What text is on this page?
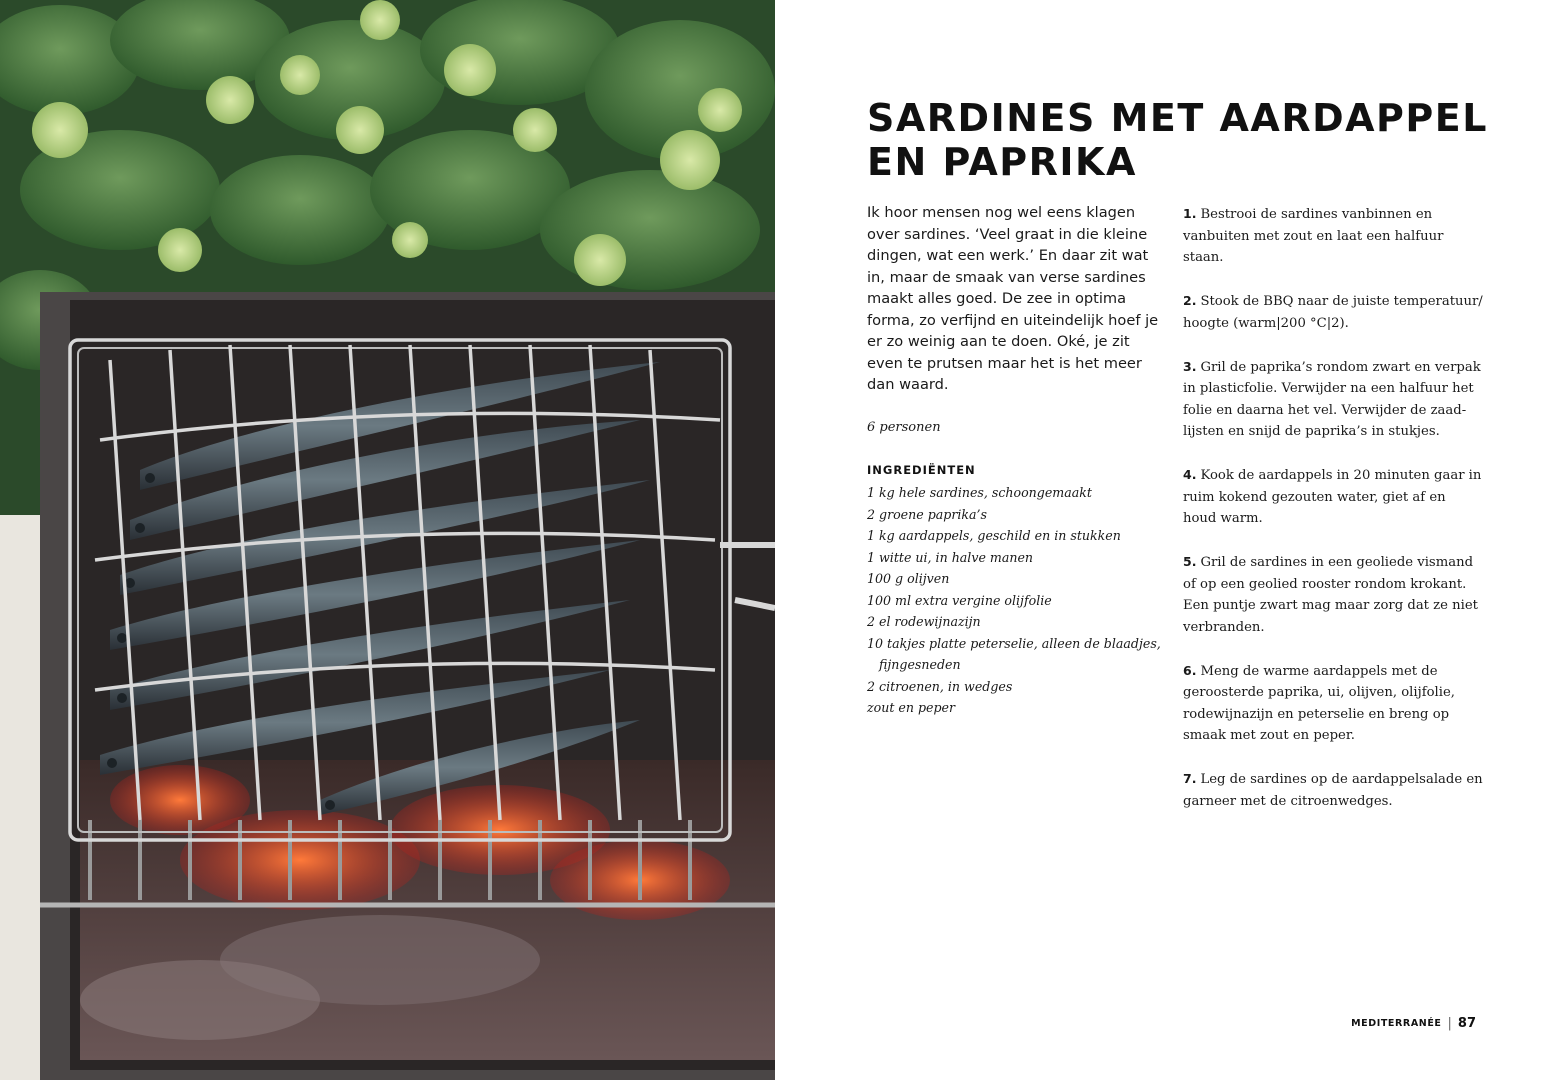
SARDINES MET AARDAPPEL
EN PAPRIKA

Ik hoor mensen nog wel eens klagen over sardines. ‘Veel graat in die kleine dingen, wat een werk.’ En daar zit wat in, maar de smaak van verse sardines maakt alles goed. De zee in optima forma, zo verfijnd en uiteindelijk hoef je er zo weinig aan te doen. Oké, je zit even te prutsen maar het is het meer dan waard.

6 personen

INGREDIËNTEN

1 kg hele sardines, schoongemaakt
2 groene paprika’s
1 kg aardappels, geschild en in stukken
1 witte ui, in halve manen
100 g olijven
100 ml extra vergine olijfolie
2 el rodewijnazijn
10 takjes platte peterselie, alleen de blaadjes, fijngesneden
2 citroenen, in wedges
zout en peper
1. Bestrooi de sardines vanbinnen en vanbuiten met zout en laat een halfuur staan.
2. Stook de BBQ naar de juiste temperatuur/ hoogte (warm|200 °C|2).
3. Gril de paprika’s rondom zwart en verpak in plasticfolie. Verwijder na een halfuur het folie en daarna het vel. Verwijder de zaad-lijsten en snijd de paprika’s in stukjes.
4. Kook de aardappels in 20 minuten gaar in ruim kokend gezouten water, giet af en houd warm.
5. Gril de sardines in een geoliede vismand of op een geolied rooster rondom krokant. Een puntje zwart mag maar zorg dat ze niet verbranden.
6. Meng de warme aardappels met de geroosterde paprika, ui, olijven, olijfolie, rodewijnazijn en peterselie en breng op smaak met zout en peper.
7. Leg de sardines op de aardappelsalade en garneer met de citroenwedges.
MEDITERRANÉE | 87
